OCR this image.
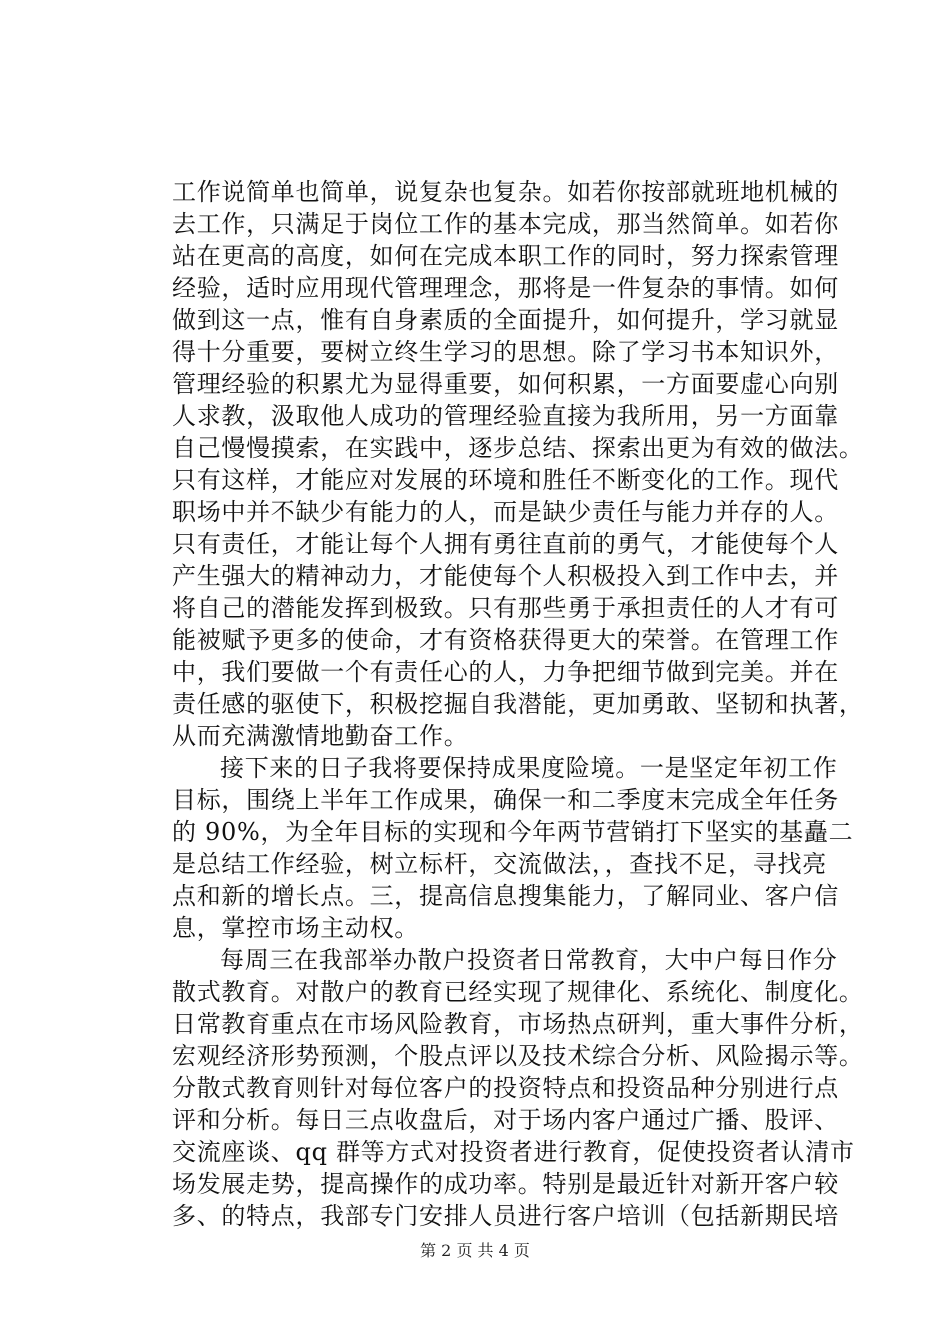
工作说简单也简单，说复杂也复杂。如若你按部就班地机械的
去工作，只满足于岗位工作的基本完成，那当然简单。如若你
站在更高的高度，如何在完成本职工作的同时，努力探索管理
经验，适时应用现代管理理念，那将是一件复杂的事情。如何
做到这一点，惟有自身素质的全面提升，如何提升，学习就显
得十分重要，要树立终生学习的思想。除了学习书本知识外，
管理经验的积累尤为显得重要，如何积累，一方面要虚心向别
人求教，汲取他人成功的管理经验直接为我所用，另一方面靠
自己慢慢摸索，在实践中，逐步总结、探索出更为有效的做法。
只有这样，才能应对发展的环境和胜任不断变化的工作。现代
职场中并不缺少有能力的人，而是缺少责任与能力并存的人。
只有责任，才能让每个人拥有勇往直前的勇气，才能使每个人
产生强大的精神动力，才能使每个人积极投入到工作中去，并
将自己的潜能发挥到极致。只有那些勇于承担责任的人才有可
能被赋予更多的使命，才有资格获得更大的荣誉。在管理工作
中，我们要做一个有责任心的人，力争把细节做到完美。并在
责任感的驱使下，积极挖掘自我潜能，更加勇敢、坚韧和执著，
从而充满激情地勤奋工作。
接下来的日子我将要保持成果度险境。一是坚定年初工作
目标，围绕上半年工作成果，确保一和二季度末完成全年任务
的 90%，为全年目标的实现和今年两节营销打下坚实的基矗二
是总结工作经验，树立标杆，交流做法，，查找不足，寻找亮
点和新的增长点。三，提高信息搜集能力，了解同业、客户信
息，掌控市场主动权。
每周三在我部举办散户投资者日常教育，大中户每日作分
散式教育。对散户的教育已经实现了规律化、系统化、制度化。
日常教育重点在市场风险教育，市场热点研判，重大事件分析，
宏观经济形势预测，个股点评以及技术综合分析、风险揭示等。
分散式教育则针对每位客户的投资特点和投资品种分别进行点
评和分析。每日三点收盘后，对于场内客户通过广播、股评、
交流座谈、qq 群等方式对投资者进行教育，促使投资者认清市
场发展走势，提高操作的成功率。特别是最近针对新开客户较
多、的特点，我部专门安排人员进行客户培训（包括新期民培
第 2 页 共 4 页
